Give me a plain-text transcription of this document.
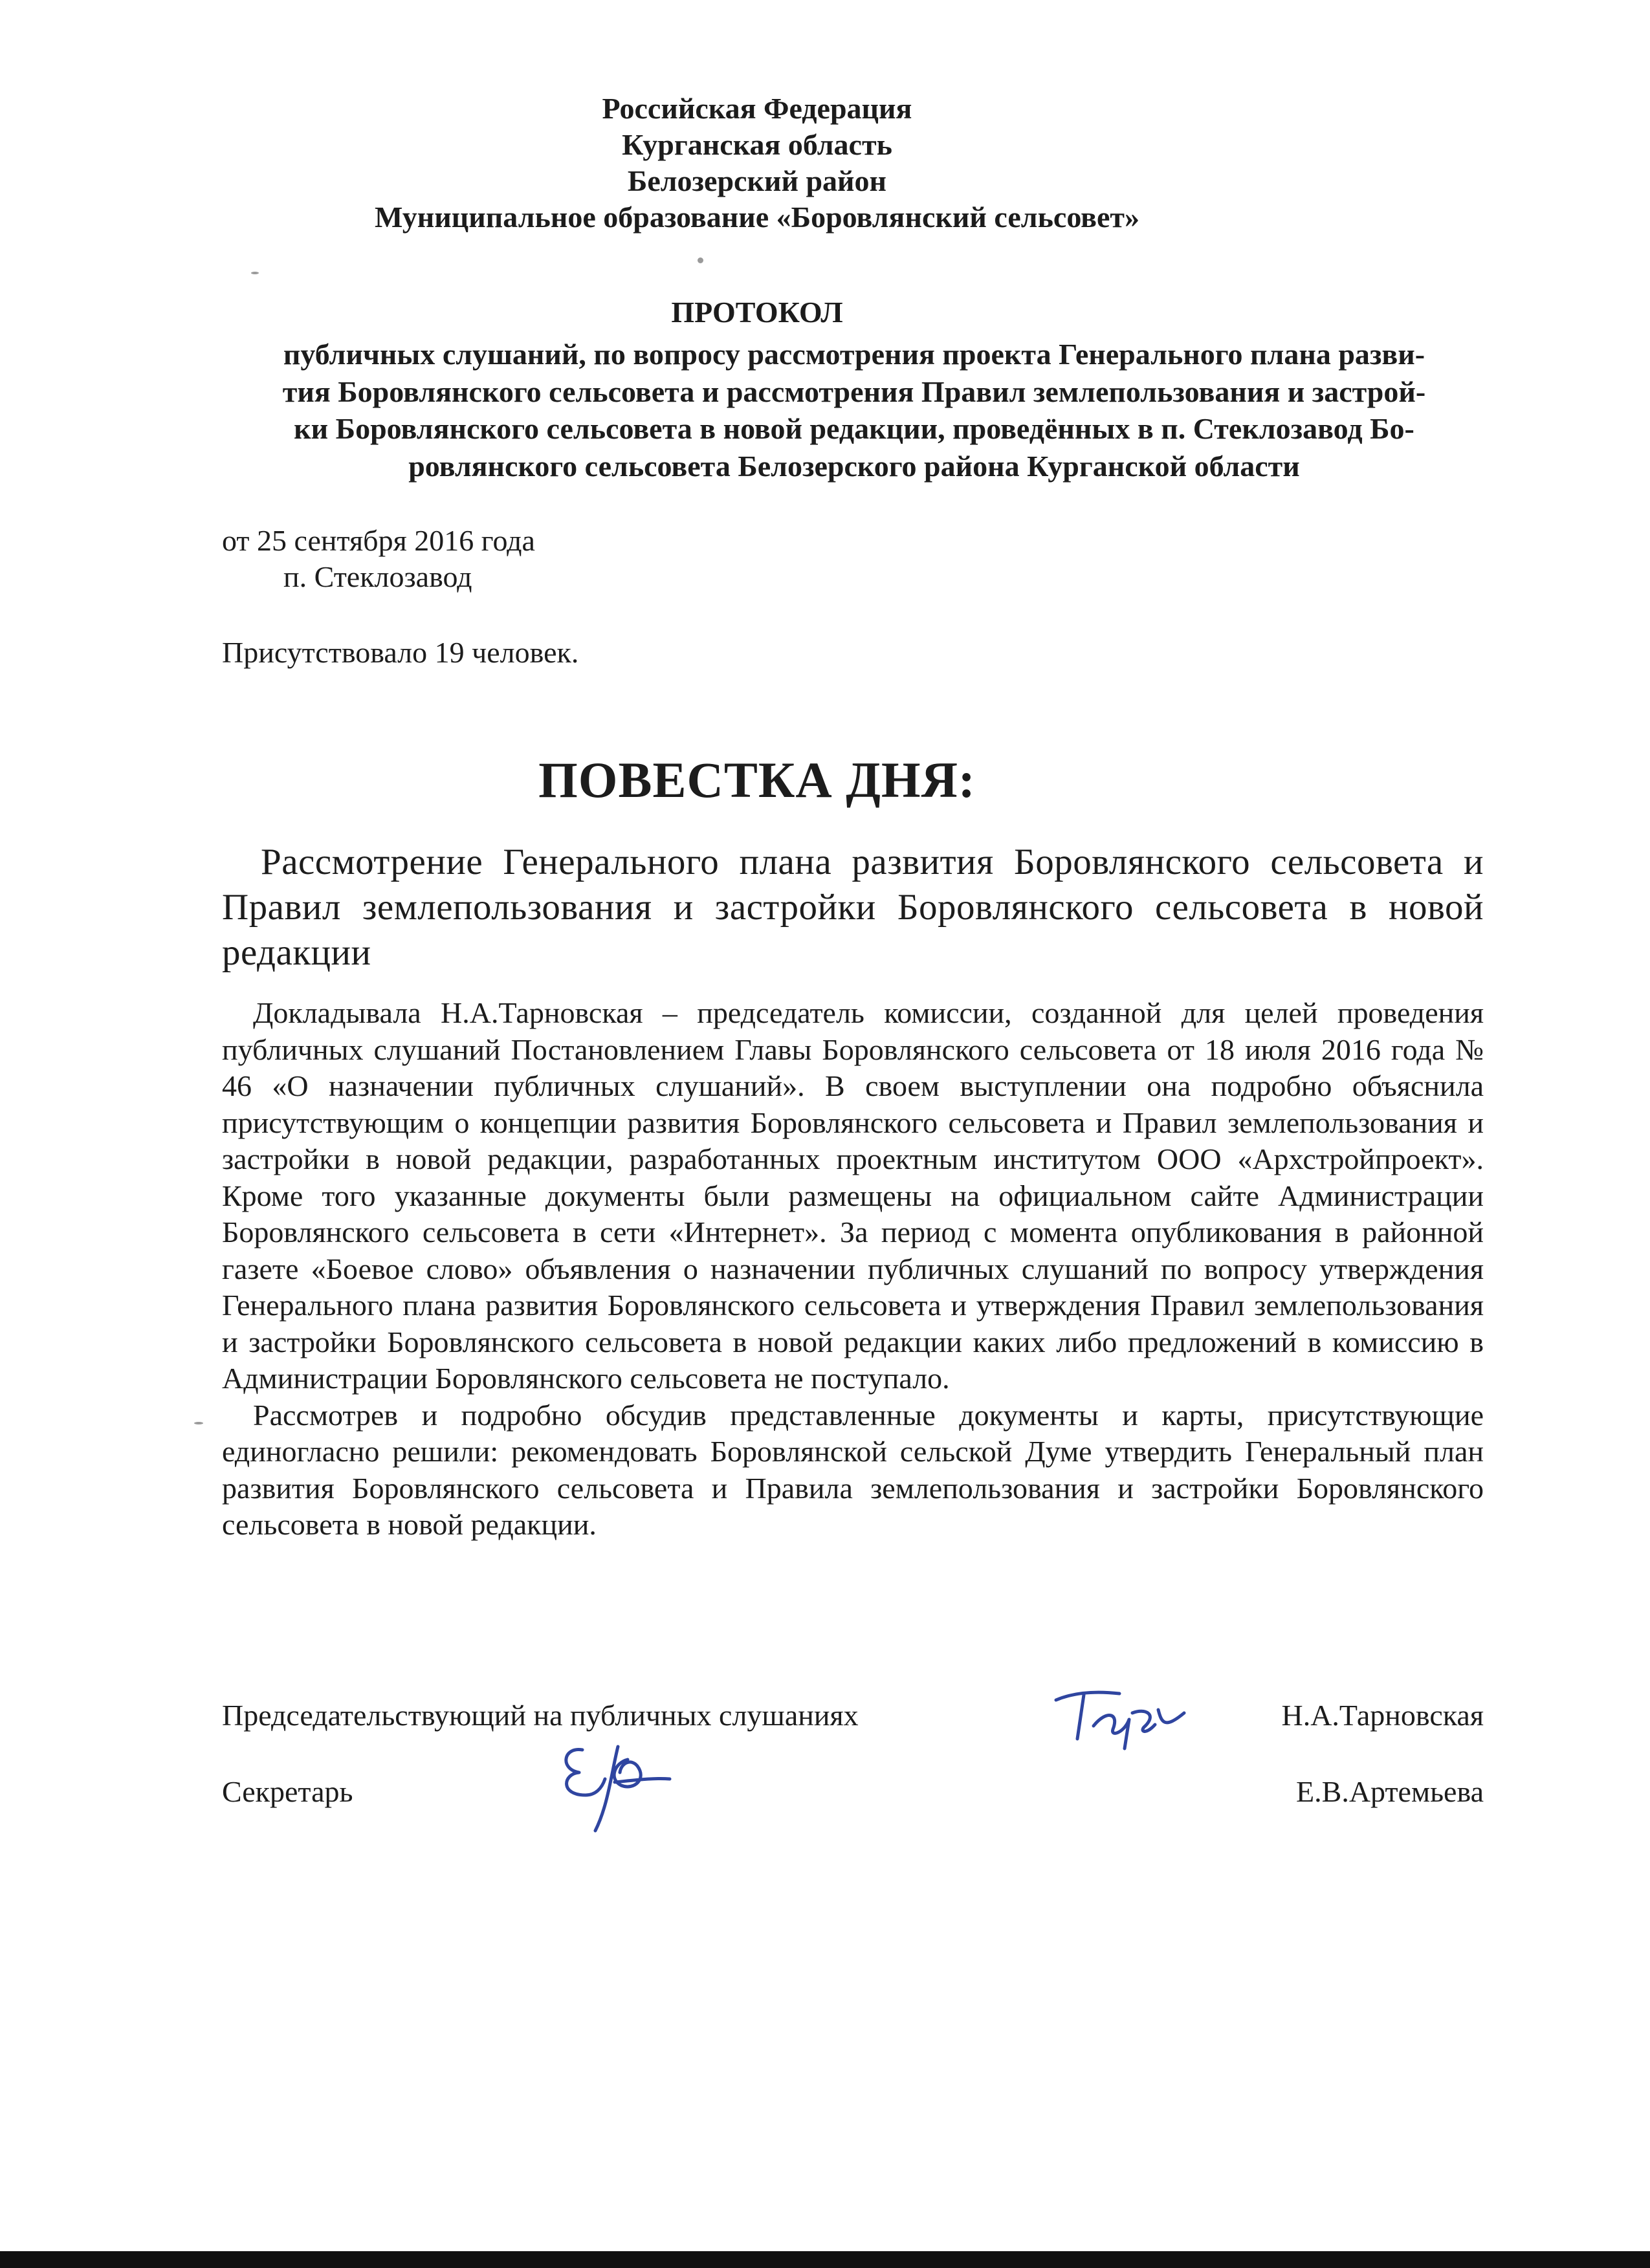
Российская Федерация
Курганская область
Белозерский район
Муниципальное образование «Боровлянский сельсовет»
ПРОТОКОЛ
публичных слушаний, по вопросу рассмотрения проекта Генерального плана разви-
тия Боровлянского сельсовета и рассмотрения Правил землепользования и застрой-
ки Боровлянского сельсовета в новой редакции, проведённых в п. Стеклозавод Бо-
ровлянского сельсовета Белозерского района Курганской области
от 25 сентября 2016 года
п. Стеклозавод
Присутствовало 19 человек.
ПОВЕСТКА ДНЯ:

Рассмотрение Генерального плана развития Боровлянского сельсовета и Правил землепользования и застройки Боровлянского сельсовета в новой редакции

Докладывала Н.А.Тарновская – председатель комиссии, созданной для целей проведения публичных слушаний Постановлением Главы Боровлянского сельсовета от 18 июля 2016 года № 46 «О назначении публичных слушаний». В своем выступлении она подробно объяснила присутствующим о концепции развития Боровлянского сельсовета и Правил землепользования и застройки в новой редакции, разработанных проектным институтом ООО «Архстройпроект». Кроме того указанные документы были размещены на официальном сайте Администрации Боровлянского сельсовета в сети «Интернет». За период с момента опубликования в районной газете «Боевое слово» объявления о назначении публичных слушаний по вопросу утверждения Генерального плана развития Боровлянского сельсовета и утверждения Правил землепользования и застройки Боровлянского сельсовета в новой редакции каких либо предложений в комиссию в Администрации Боровлянского сельсовета не поступало.

Рассмотрев и подробно обсудив представленные документы и карты, присутствующие единогласно решили: рекомендовать Боровлянской сельской Думе утвердить Генеральный план развития Боровлянского сельсовета и Правила землепользования и застройки Боровлянского сельсовета в новой редакции.

Председательствующий на публичных слушаниях	Н.А.Тарновская
Секретарь	Е.В.Артемьева
